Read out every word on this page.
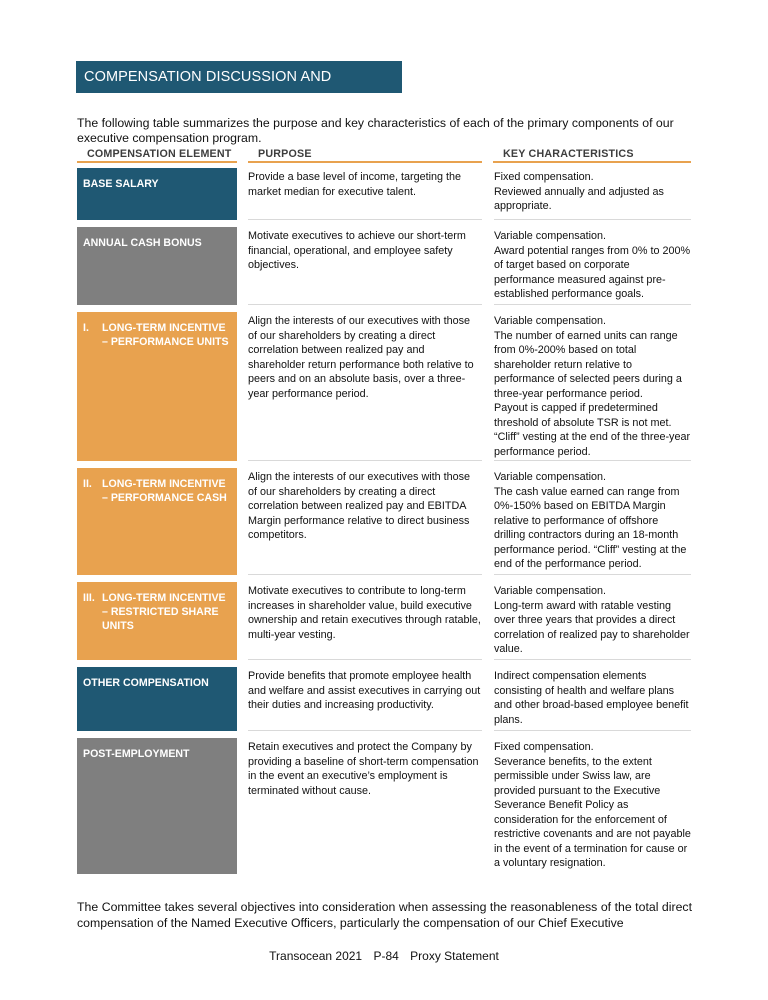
COMPENSATION DISCUSSION AND ANALYSIS

The following table summarizes the purpose and key characteristics of each of the primary components of our executive compensation program.

COMPENSATION ELEMENT	PURPOSE	KEY CHARACTERISTICS
BASE SALARY
Provide a base level of income, targeting the market median for executive talent.
Fixed compensation.
Reviewed annually and adjusted as appropriate.
ANNUAL CASH BONUS
Motivate executives to achieve our short-term financial, operational, and employee safety objectives.
Variable compensation.
Award potential ranges from 0% to 200% of target based on corporate performance measured against pre-established performance goals.
I. LONG-TERM INCENTIVE – PERFORMANCE UNITS
Align the interests of our executives with those of our shareholders by creating a direct correlation between realized pay and shareholder return performance both relative to peers and on an absolute basis, over a three-year performance period.
Variable compensation.
The number of earned units can range from 0%-200% based on total shareholder return relative to performance of selected peers during a three-year performance period.
Payout is capped if predetermined threshold of absolute TSR is not met.
“Cliff” vesting at the end of the three-year performance period.
II. LONG-TERM INCENTIVE – PERFORMANCE CASH
Align the interests of our executives with those of our shareholders by creating a direct correlation between realized pay and EBITDA Margin performance relative to direct business competitors.
Variable compensation.
The cash value earned can range from 0%-150% based on EBITDA Margin relative to performance of offshore drilling contractors during an 18-month performance period. “Cliff” vesting at the end of the performance period.
III. LONG-TERM INCENTIVE – RESTRICTED SHARE UNITS
Motivate executives to contribute to long-term increases in shareholder value, build executive ownership and retain executives through ratable, multi-year vesting.
Variable compensation.
Long-term award with ratable vesting over three years that provides a direct correlation of realized pay to shareholder value.
OTHER COMPENSATION
Provide benefits that promote employee health and welfare and assist executives in carrying out their duties and increasing productivity.
Indirect compensation elements consisting of health and welfare plans and other broad-based employee benefit plans.
POST-EMPLOYMENT
Retain executives and protect the Company by providing a baseline of short-term compensation in the event an executive’s employment is terminated without cause.
Fixed compensation.
Severance benefits, to the extent permissible under Swiss law, are provided pursuant to the Executive Severance Benefit Policy as consideration for the enforcement of restrictive covenants and are not payable in the event of a termination for cause or a voluntary resignation.

The Committee takes several objectives into consideration when assessing the reasonableness of the total direct compensation of the Named Executive Officers, particularly the compensation of our Chief Executive

Transocean 2021 P-84 Proxy Statement
